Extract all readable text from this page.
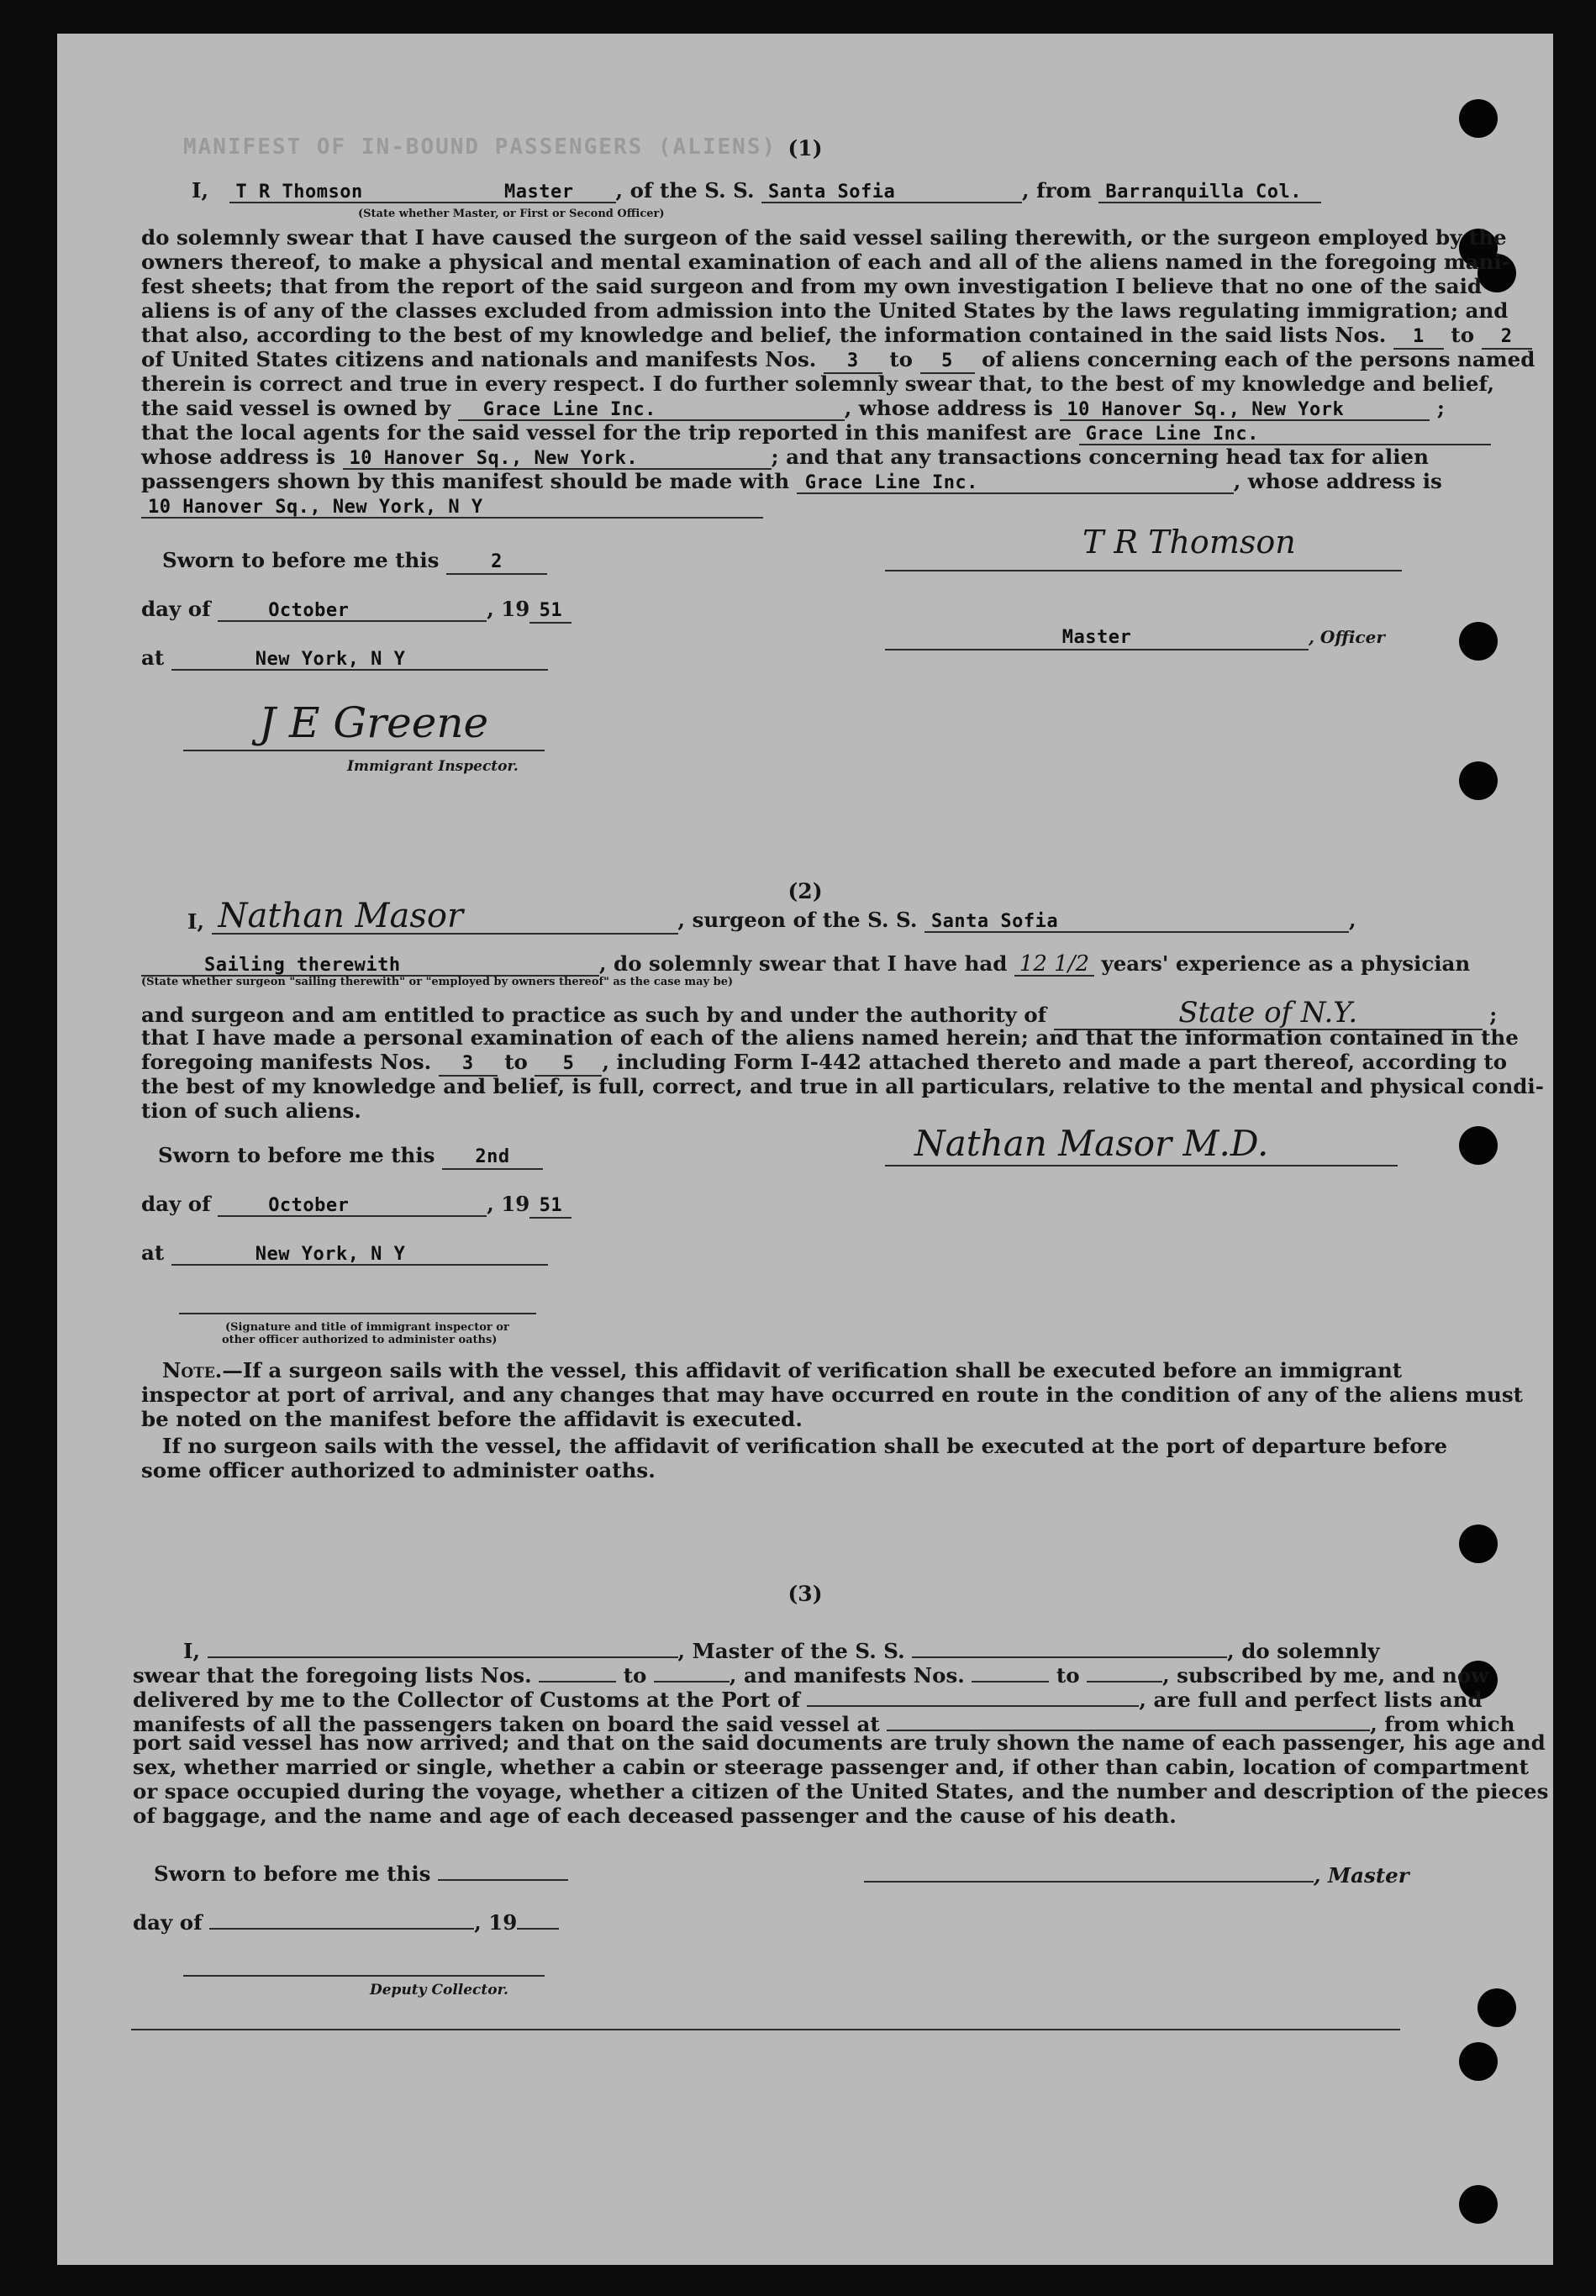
MANIFEST OF IN-BOUND PASSENGERS (ALIENS) (1)
I, T R Thomson	Master , of the S. S. Santa Sofia	, from Barranquilla Col.
(State whether Master, or First or Second Officer)
do solemnly swear that I have caused the surgeon of the said vessel sailing therewith, or the surgeon employed by the
owners thereof, to make a physical and mental examination of each and all of the aliens named in the foregoing mani-
fest sheets; that from the report of the said surgeon and from my own investigation I believe that no one of the said
aliens is of any of the classes excluded from admission into the United States by the laws regulating immigration; and
that also, according to the best of my knowledge and belief, the information contained in the said lists Nos. 1 to 2
of United States citizens and nationals and manifests Nos. 3 to 5 of aliens concerning each of the persons named
therein is correct and true in every respect. I do further solemnly swear that, to the best of my knowledge and belief,
the said vessel is owned by Grace Line Inc.	, whose address is 10 Hanover Sq., New York	;
that the local agents for the said vessel for the trip reported in this manifest are Grace Line Inc.
whose address is 10 Hanover Sq., New York.	; and that any transactions concerning head tax for alien
passengers shown by this manifest should be made with Grace Line Inc.	, whose address is
10 Hanover Sq., New York, N Y
Sworn to before me this	2
day of	October	, 19 51
at	New York, N Y
T R Thomson
Master	, Officer
J E Greene
Immigrant Inspector.
(2)
I, Nathan Masor	, surgeon of the S. S. Santa Sofia	,
Sailing therewith	, do solemnly swear that I have had 12 1/2 years' experience as a physician
(State whether surgeon "sailing therewith" or "employed by owners thereof" as the case may be)
and surgeon and am entitled to practice as such by and under the authority of	State of N.Y.	;
that I have made a personal examination of each of the aliens named herein; and that the information contained in the
foregoing manifests Nos. 3 to 5 , including Form I-442 attached thereto and made a part thereof, according to
the best of my knowledge and belief, is full, correct, and true in all particulars, relative to the mental and physical condi-
tion of such aliens.
Nathan Masor M.D.
Sworn to before me this 2nd
day of	October	, 19 51
at	New York, N Y
(Signature and title of immigrant inspector or
other officer authorized to administer oaths)
Note.—If a surgeon sails with the vessel, this affidavit of verification shall be executed before an immigrant
inspector at port of arrival, and any changes that may have occurred en route in the condition of any of the aliens must
be noted on the manifest before the affidavit is executed.
If no surgeon sails with the vessel, the affidavit of verification shall be executed at the port of departure before
some officer authorized to administer oaths.
(3)
I,	, Master of the S. S.	, do solemnly
swear that the foregoing lists Nos.	to	, and manifests Nos.	to	, subscribed by me, and now
delivered by me to the Collector of Customs at the Port of	, are full and perfect lists and
manifests of all the passengers taken on board the said vessel at	, from which
port said vessel has now arrived; and that on the said documents are truly shown the name of each passenger, his age and
sex, whether married or single, whether a cabin or steerage passenger and, if other than cabin, location of compartment
or space occupied during the voyage, whether a citizen of the United States, and the number and description of the pieces
of baggage, and the name and age of each deceased passenger and the cause of his death.
Sworn to before me this	, Master
day of	, 19
Deputy Collector.
